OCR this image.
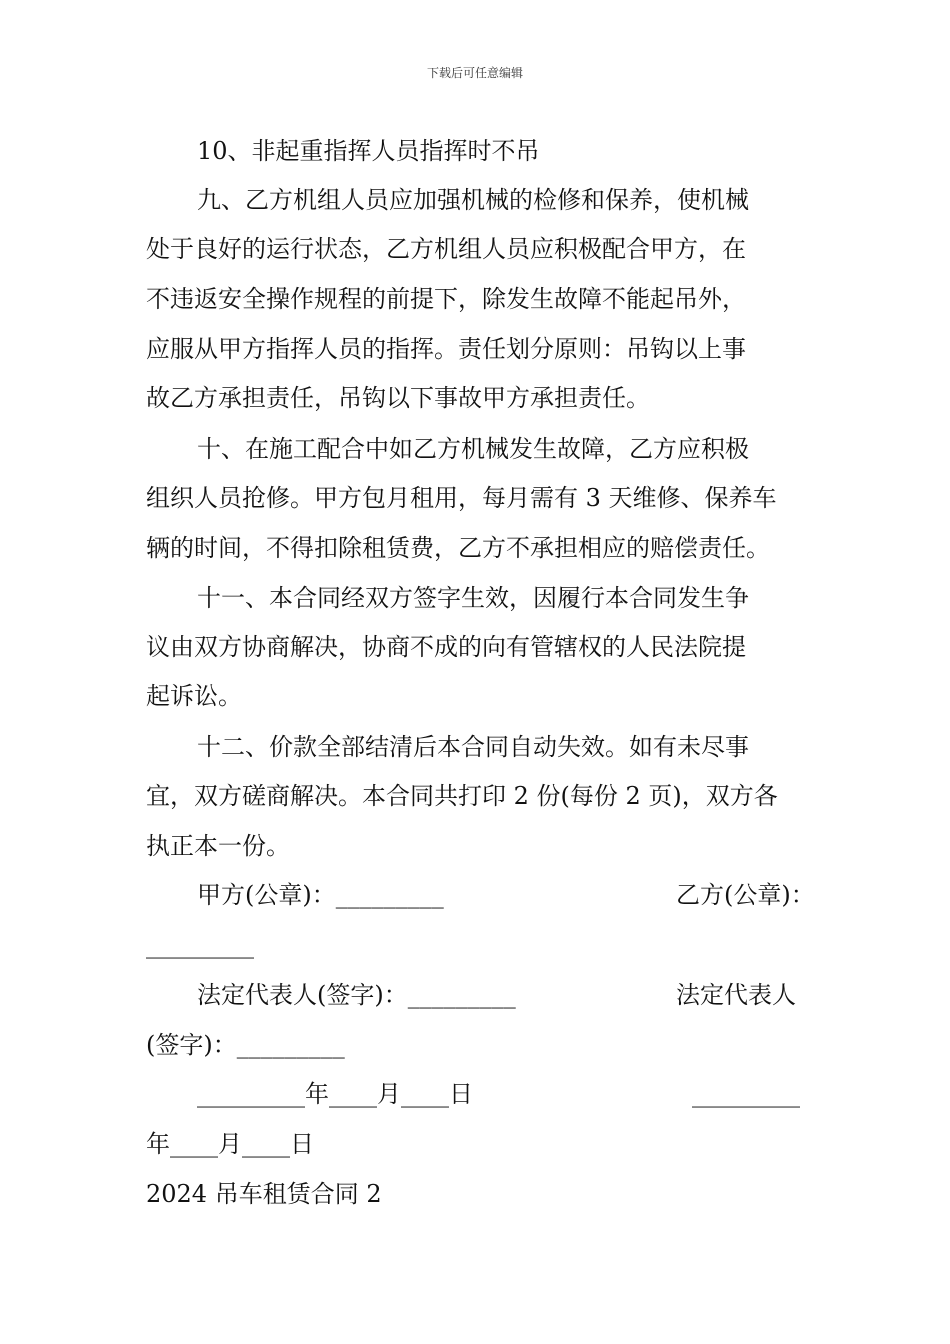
下载后可任意编辑
10、非起重指挥人员指挥时不吊
九、乙方机组人员应加强机械的检修和保养，使机械
处于良好的运行状态，乙方机组人员应积极配合甲方，在
不违返安全操作规程的前提下，除发生故障不能起吊外，
应服从甲方指挥人员的指挥。责任划分原则：吊钩以上事
故乙方承担责任，吊钩以下事故甲方承担责任。
十、在施工配合中如乙方机械发生故障，乙方应积极
组织人员抢修。甲方包月租用，每月需有 3 天维修、保养车
辆的时间，不得扣除租赁费，乙方不承担相应的赔偿责任。
十一、本合同经双方签字生效，因履行本合同发生争
议由双方协商解决，协商不成的向有管辖权的人民法院提
起诉讼。
十二、价款全部结清后本合同自动失效。如有未尽事
宜，双方磋商解决。本合同共打印 2 份(每份 2 页)，双方各
执正本一份。
甲方(公章)：_________	乙方(公章)：
_________
法定代表人(签字)：_________	法定代表人
(签字)：_________
_________年____月____日	_________
年____月____日
2024 吊车租赁合同 2
